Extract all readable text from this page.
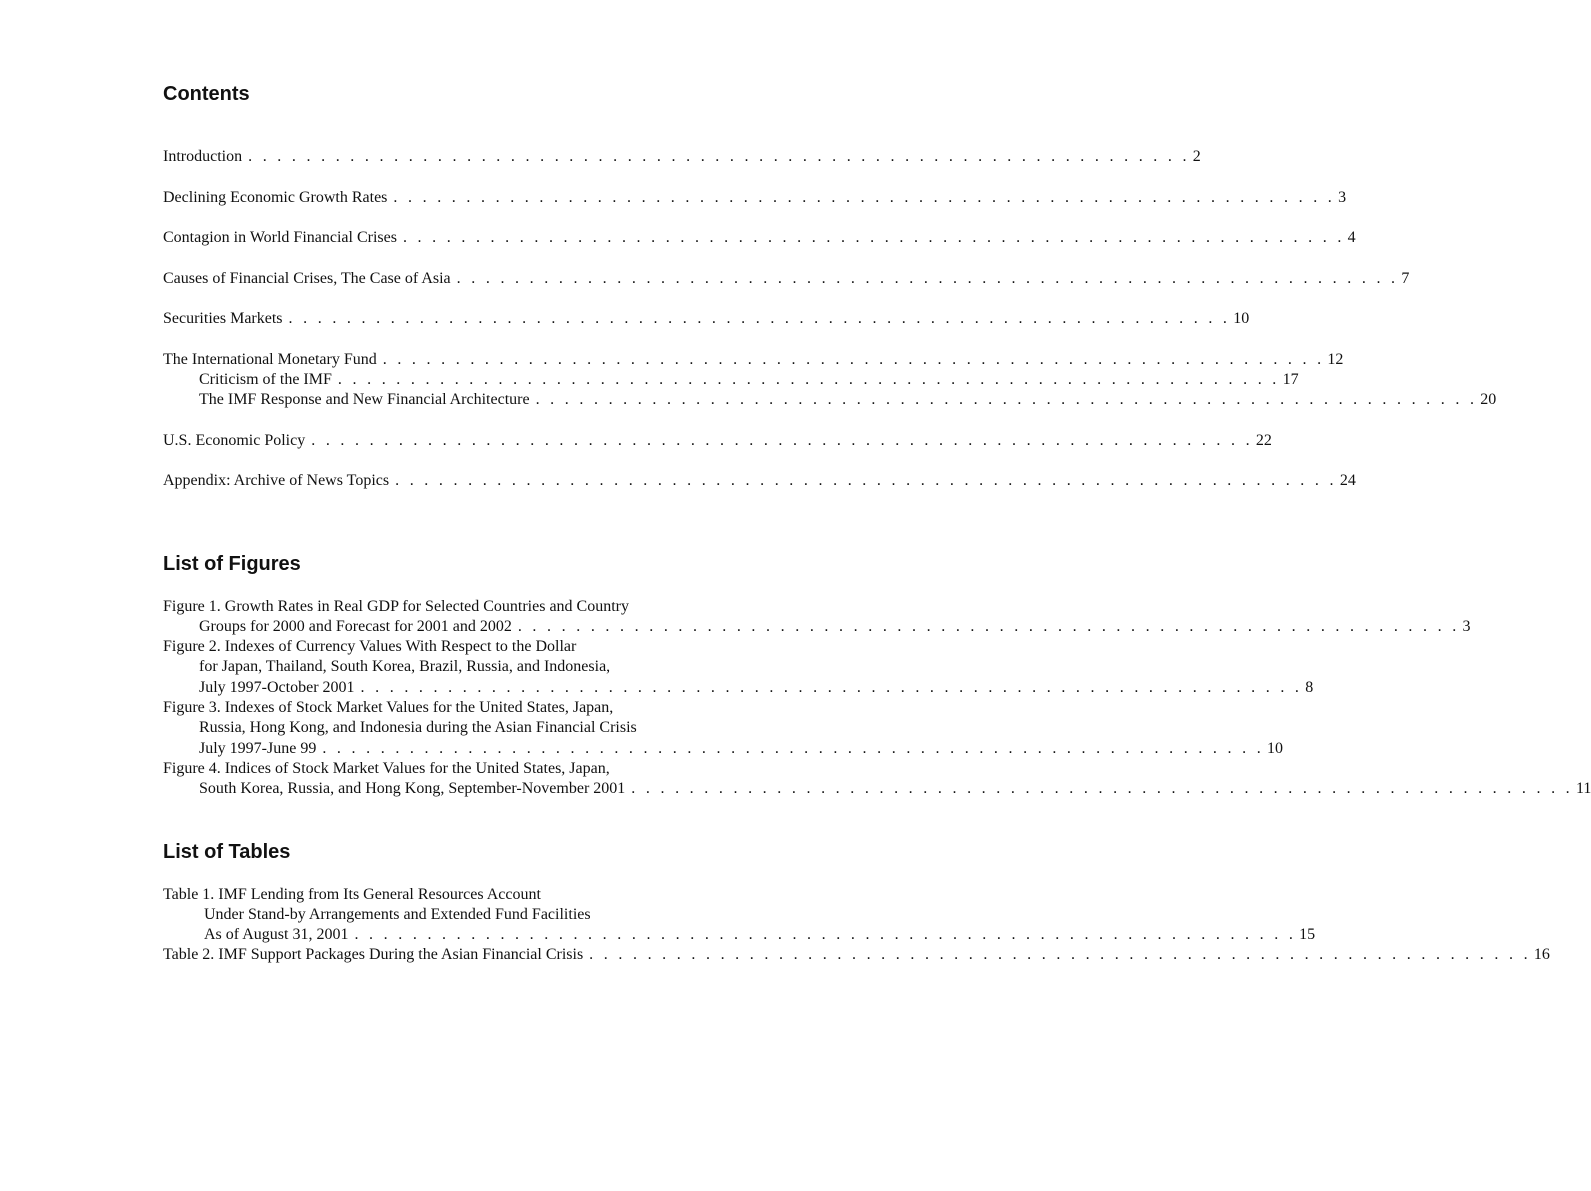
Contents
Introduction . . . . . . . . . . . . . . . . . . . . . . . . . . . . . . . . . . . . . . . . . . . . . . . . . . . . . . . . . . . . . . . . . 2
Declining Economic Growth Rates . . . . . . . . . . . . . . . . . . . . . . . . . . . . . . . . . . . . . . . . . . . . . . . . . . . . . . . . . . . . . . . . . 3
Contagion in World Financial Crises . . . . . . . . . . . . . . . . . . . . . . . . . . . . . . . . . . . . . . . . . . . . . . . . . . . . . . . . . . . . . . . . . 4
Causes of Financial Crises, The Case of Asia . . . . . . . . . . . . . . . . . . . . . . . . . . . . . . . . . . . . . . . . . . . . . . . . . . . . . . . . . . . . . . . . . 7
Securities Markets . . . . . . . . . . . . . . . . . . . . . . . . . . . . . . . . . . . . . . . . . . . . . . . . . . . . . . . . . . . . . . . . . 10
The International Monetary Fund . . . . . . . . . . . . . . . . . . . . . . . . . . . . . . . . . . . . . . . . . . . . . . . . . . . . . . . . . . . . . . . . . 12
Criticism of the IMF . . . . . . . . . . . . . . . . . . . . . . . . . . . . . . . . . . . . . . . . . . . . . . . . . . . . . . . . . . . . . . . . . 17
The IMF Response and New Financial Architecture . . . . . . . . . . . . . . . . . . . . . . . . . . . . . . . . . . . . . . . . . . . . . . . . . . . . . . . . . . . . . . . . . 20
U.S. Economic Policy . . . . . . . . . . . . . . . . . . . . . . . . . . . . . . . . . . . . . . . . . . . . . . . . . . . . . . . . . . . . . . . . . 22
Appendix: Archive of News Topics . . . . . . . . . . . . . . . . . . . . . . . . . . . . . . . . . . . . . . . . . . . . . . . . . . . . . . . . . . . . . . . . . 24
List of Figures
Figure 1. Growth Rates in Real GDP for Selected Countries and Country
Groups for 2000 and Forecast for 2001 and 2002 . . . . . . . . . . . . . . . . . . . . . . . . . . . . . . . . . . . . . . . . . . . . . . . . . . . . . . . . . . . . . . . . . 3
Figure 2. Indexes of Currency Values With Respect to the Dollar
for Japan, Thailand, South Korea, Brazil, Russia, and Indonesia,
July 1997-October 2001 . . . . . . . . . . . . . . . . . . . . . . . . . . . . . . . . . . . . . . . . . . . . . . . . . . . . . . . . . . . . . . . . . 8
Figure 3. Indexes of Stock Market Values for the United States, Japan,
Russia, Hong Kong, and Indonesia during the Asian Financial Crisis
July 1997-June 99 . . . . . . . . . . . . . . . . . . . . . . . . . . . . . . . . . . . . . . . . . . . . . . . . . . . . . . . . . . . . . . . . . 10
Figure 4. Indices of Stock Market Values for the United States, Japan,
South Korea, Russia, and Hong Kong, September-November 2001 . . . . . . . . . . . . . . . . . . . . . . . . . . . . . . . . . . . . . . . . . . . . . . . . . . . . . . . . . . . . . . . . . 11
List of Tables
Table 1. IMF Lending from Its General Resources Account
Under Stand-by Arrangements and Extended Fund Facilities
As of August 31, 2001 . . . . . . . . . . . . . . . . . . . . . . . . . . . . . . . . . . . . . . . . . . . . . . . . . . . . . . . . . . . . . . . . . 15
Table 2. IMF Support Packages During the Asian Financial Crisis . . . . . . . . . . . . . . . . . . . . . . . . . . . . . . . . . . . . . . . . . . . . . . . . . . . . . . . . . . . . . . . . . 16
